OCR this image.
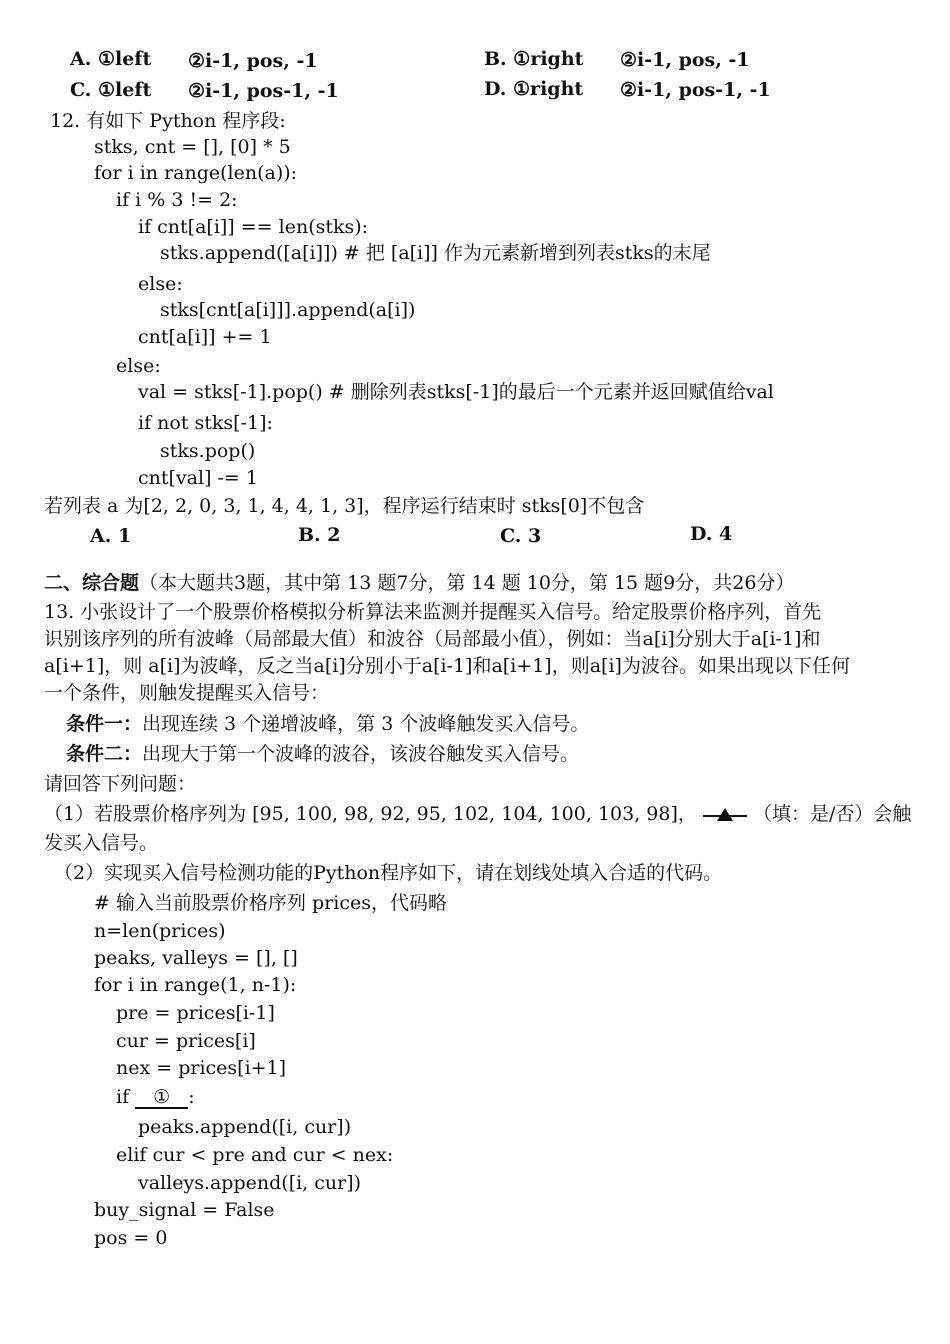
A. ①left ②i-1, pos, -1	B. ①right ②i-1, pos, -1
C. ①left ②i-1, pos-1, -1	D. ①right ②i-1, pos-1, -1
12. 有如下 Python 程序段:
stks, cnt = [], [0] * 5
for i in range(len(a)):
if i % 3 != 2:
if cnt[a[i]] == len(stks):
stks.append([a[i]]) # 把 [a[i]] 作为元素新增到列表stks的末尾
else:
stks[cnt[a[i]]].append(a[i])
cnt[a[i]] += 1
else:
val = stks[-1].pop() # 删除列表stks[-1]的最后一个元素并返回赋值给val
if not stks[-1]:
stks.pop()
cnt[val] -= 1
若列表 a 为[2, 2, 0, 3, 1, 4, 4, 1, 3]，程序运行结束时 stks[0]不包含
A. 1	B. 2	C. 3	D. 4
二、综合题（本大题共3题，其中第 13 题7分，第 14 题 10分，第 15 题9分，共26分）
13. 小张设计了一个股票价格模拟分析算法来监测并提醒买入信号。给定股票价格序列，首先
识别该序列的所有波峰（局部最大值）和波谷（局部最小值），例如：当a[i]分别大于a[i-1]和
a[i+1]，则 a[i]为波峰，反之当a[i]分别小于a[i-1]和a[i+1]，则a[i]为波谷。如果出现以下任何
一个条件，则触发提醒买入信号：
条件一：出现连续 3 个递增波峰，第 3 个波峰触发买入信号。
条件二：出现大于第一个波峰的波谷，该波谷触发买入信号。
请回答下列问题：
（1）若股票价格序列为 [95, 100, 98, 92, 95, 102, 104, 100, 103, 98]，	（填：是/否）会触
发买入信号。
（2）实现买入信号检测功能的Python程序如下，请在划线处填入合适的代码。
# 输入当前股票价格序列 prices，代码略
n=len(prices)
peaks, valleys = [], []
for i in range(1, n-1):
pre = prices[i-1]
cur = prices[i]
nex = prices[i+1]
if ① :
peaks.append([i, cur])
elif cur < pre and cur < nex:
valleys.append([i, cur])
buy_signal = False
pos = 0
